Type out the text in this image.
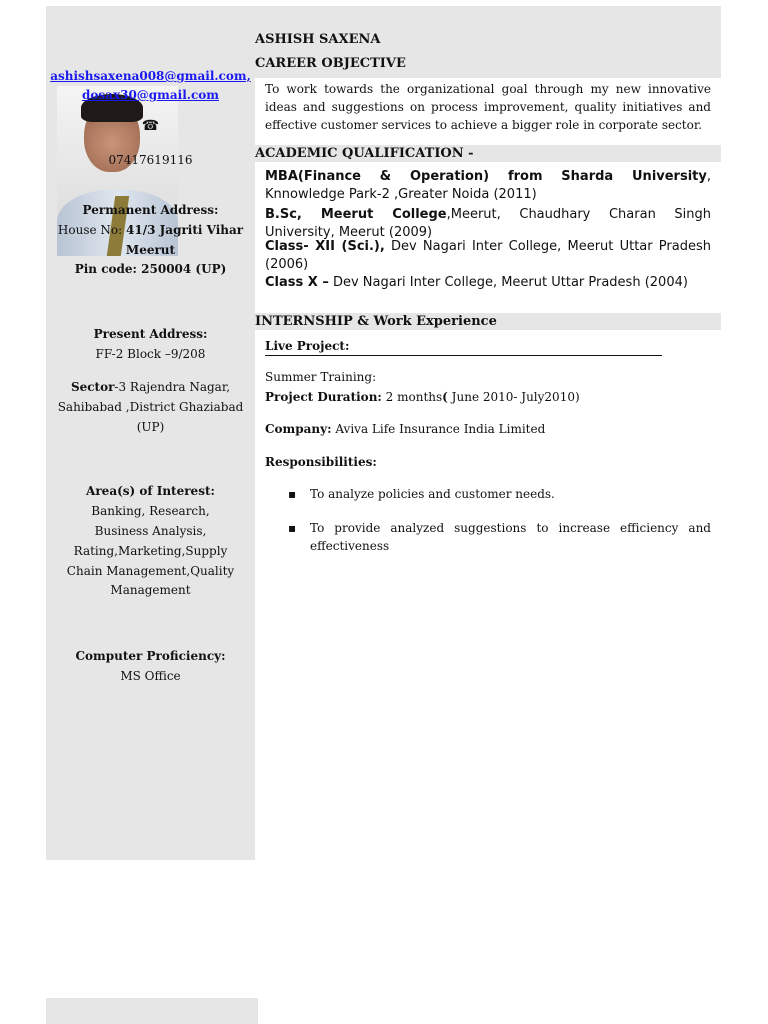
ashishsaxena008@gmail.com,
dosax30@gmail.com
☎
07417619116
Permanent Address:
House No: 41/3 Jagriti Vihar
Meerut
Pin code: 250004 (UP)
Present Address:
FF-2 Block –9/208
Sector-3 Rajendra Nagar,
Sahibabad ,District Ghaziabad
(UP)
Area(s) of Interest:
Banking, Research,
Business Analysis,
Rating,Marketing,Supply
Chain Management,Quality
Management
Computer Proficiency:
MS Office
ASHISH SAXENA
CAREER OBJECTIVE
To work towards the organizational goal through my new innovative ideas and suggestions on process improvement, quality initiatives and effective customer services to achieve a bigger role in corporate sector.
ACADEMIC QUALIFICATION -
MBA(Finance & Operation) from Sharda University, Knnowledge Park-2 ,Greater Noida (2011)
B.Sc, Meerut College,Meerut, Chaudhary Charan Singh University, Meerut (2009)
Class- XII (Sci.), Dev Nagari Inter College, Meerut Uttar Pradesh (2006)
Class X – Dev Nagari Inter College, Meerut Uttar Pradesh (2004)
INTERNSHIP & Work Experience
Live Project:
Summer Training:
Project Duration: 2 months( June 2010- July2010)
Company: Aviva Life Insurance India Limited
Responsibilities:
▪ To analyze policies and customer needs.
▪ To provide analyzed suggestions to increase efficiency and effectiveness
